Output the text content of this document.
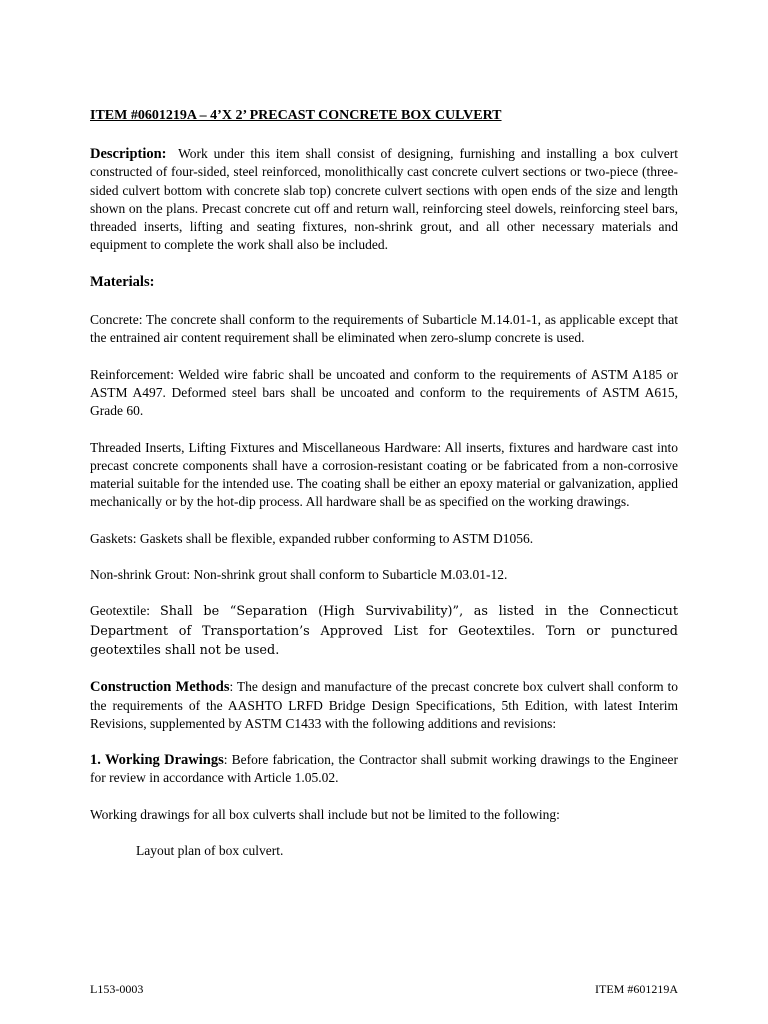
ITEM #0601219A – 4’X 2’ PRECAST CONCRETE BOX CULVERT

Description: Work under this item shall consist of designing, furnishing and installing a box culvert constructed of four-sided, steel reinforced, monolithically cast concrete culvert sections or two-piece (three-sided culvert bottom with concrete slab top) concrete culvert sections with open ends of the size and length shown on the plans. Precast concrete cut off and return wall, reinforcing steel dowels, reinforcing steel bars, threaded inserts, lifting and seating fixtures, non-shrink grout, and all other necessary materials and equipment to complete the work shall also be included.

Materials:

Concrete: The concrete shall conform to the requirements of Subarticle M.14.01-1, as applicable except that the entrained air content requirement shall be eliminated when zero-slump concrete is used.

Reinforcement: Welded wire fabric shall be uncoated and conform to the requirements of ASTM A185 or ASTM A497. Deformed steel bars shall be uncoated and conform to the requirements of ASTM A615, Grade 60.

Threaded Inserts, Lifting Fixtures and Miscellaneous Hardware: All inserts, fixtures and hardware cast into precast concrete components shall have a corrosion-resistant coating or be fabricated from a non-corrosive material suitable for the intended use. The coating shall be either an epoxy material or galvanization, applied mechanically or by the hot-dip process. All hardware shall be as specified on the working drawings.

Gaskets: Gaskets shall be flexible, expanded rubber conforming to ASTM D1056.

Non-shrink Grout: Non-shrink grout shall conform to Subarticle M.03.01-12.

Geotextile: Shall be “Separation (High Survivability)”, as listed in the Connecticut Department of Transportation’s Approved List for Geotextiles. Torn or punctured geotextiles shall not be used.

Construction Methods: The design and manufacture of the precast concrete box culvert shall conform to the requirements of the AASHTO LRFD Bridge Design Specifications, 5th Edition, with latest Interim Revisions, supplemented by ASTM C1433 with the following additions and revisions:

1. Working Drawings: Before fabrication, the Contractor shall submit working drawings to the Engineer for review in accordance with Article 1.05.02.

Working drawings for all box culverts shall include but not be limited to the following:

Layout plan of box culvert.

L153-0003	ITEM #601219A
